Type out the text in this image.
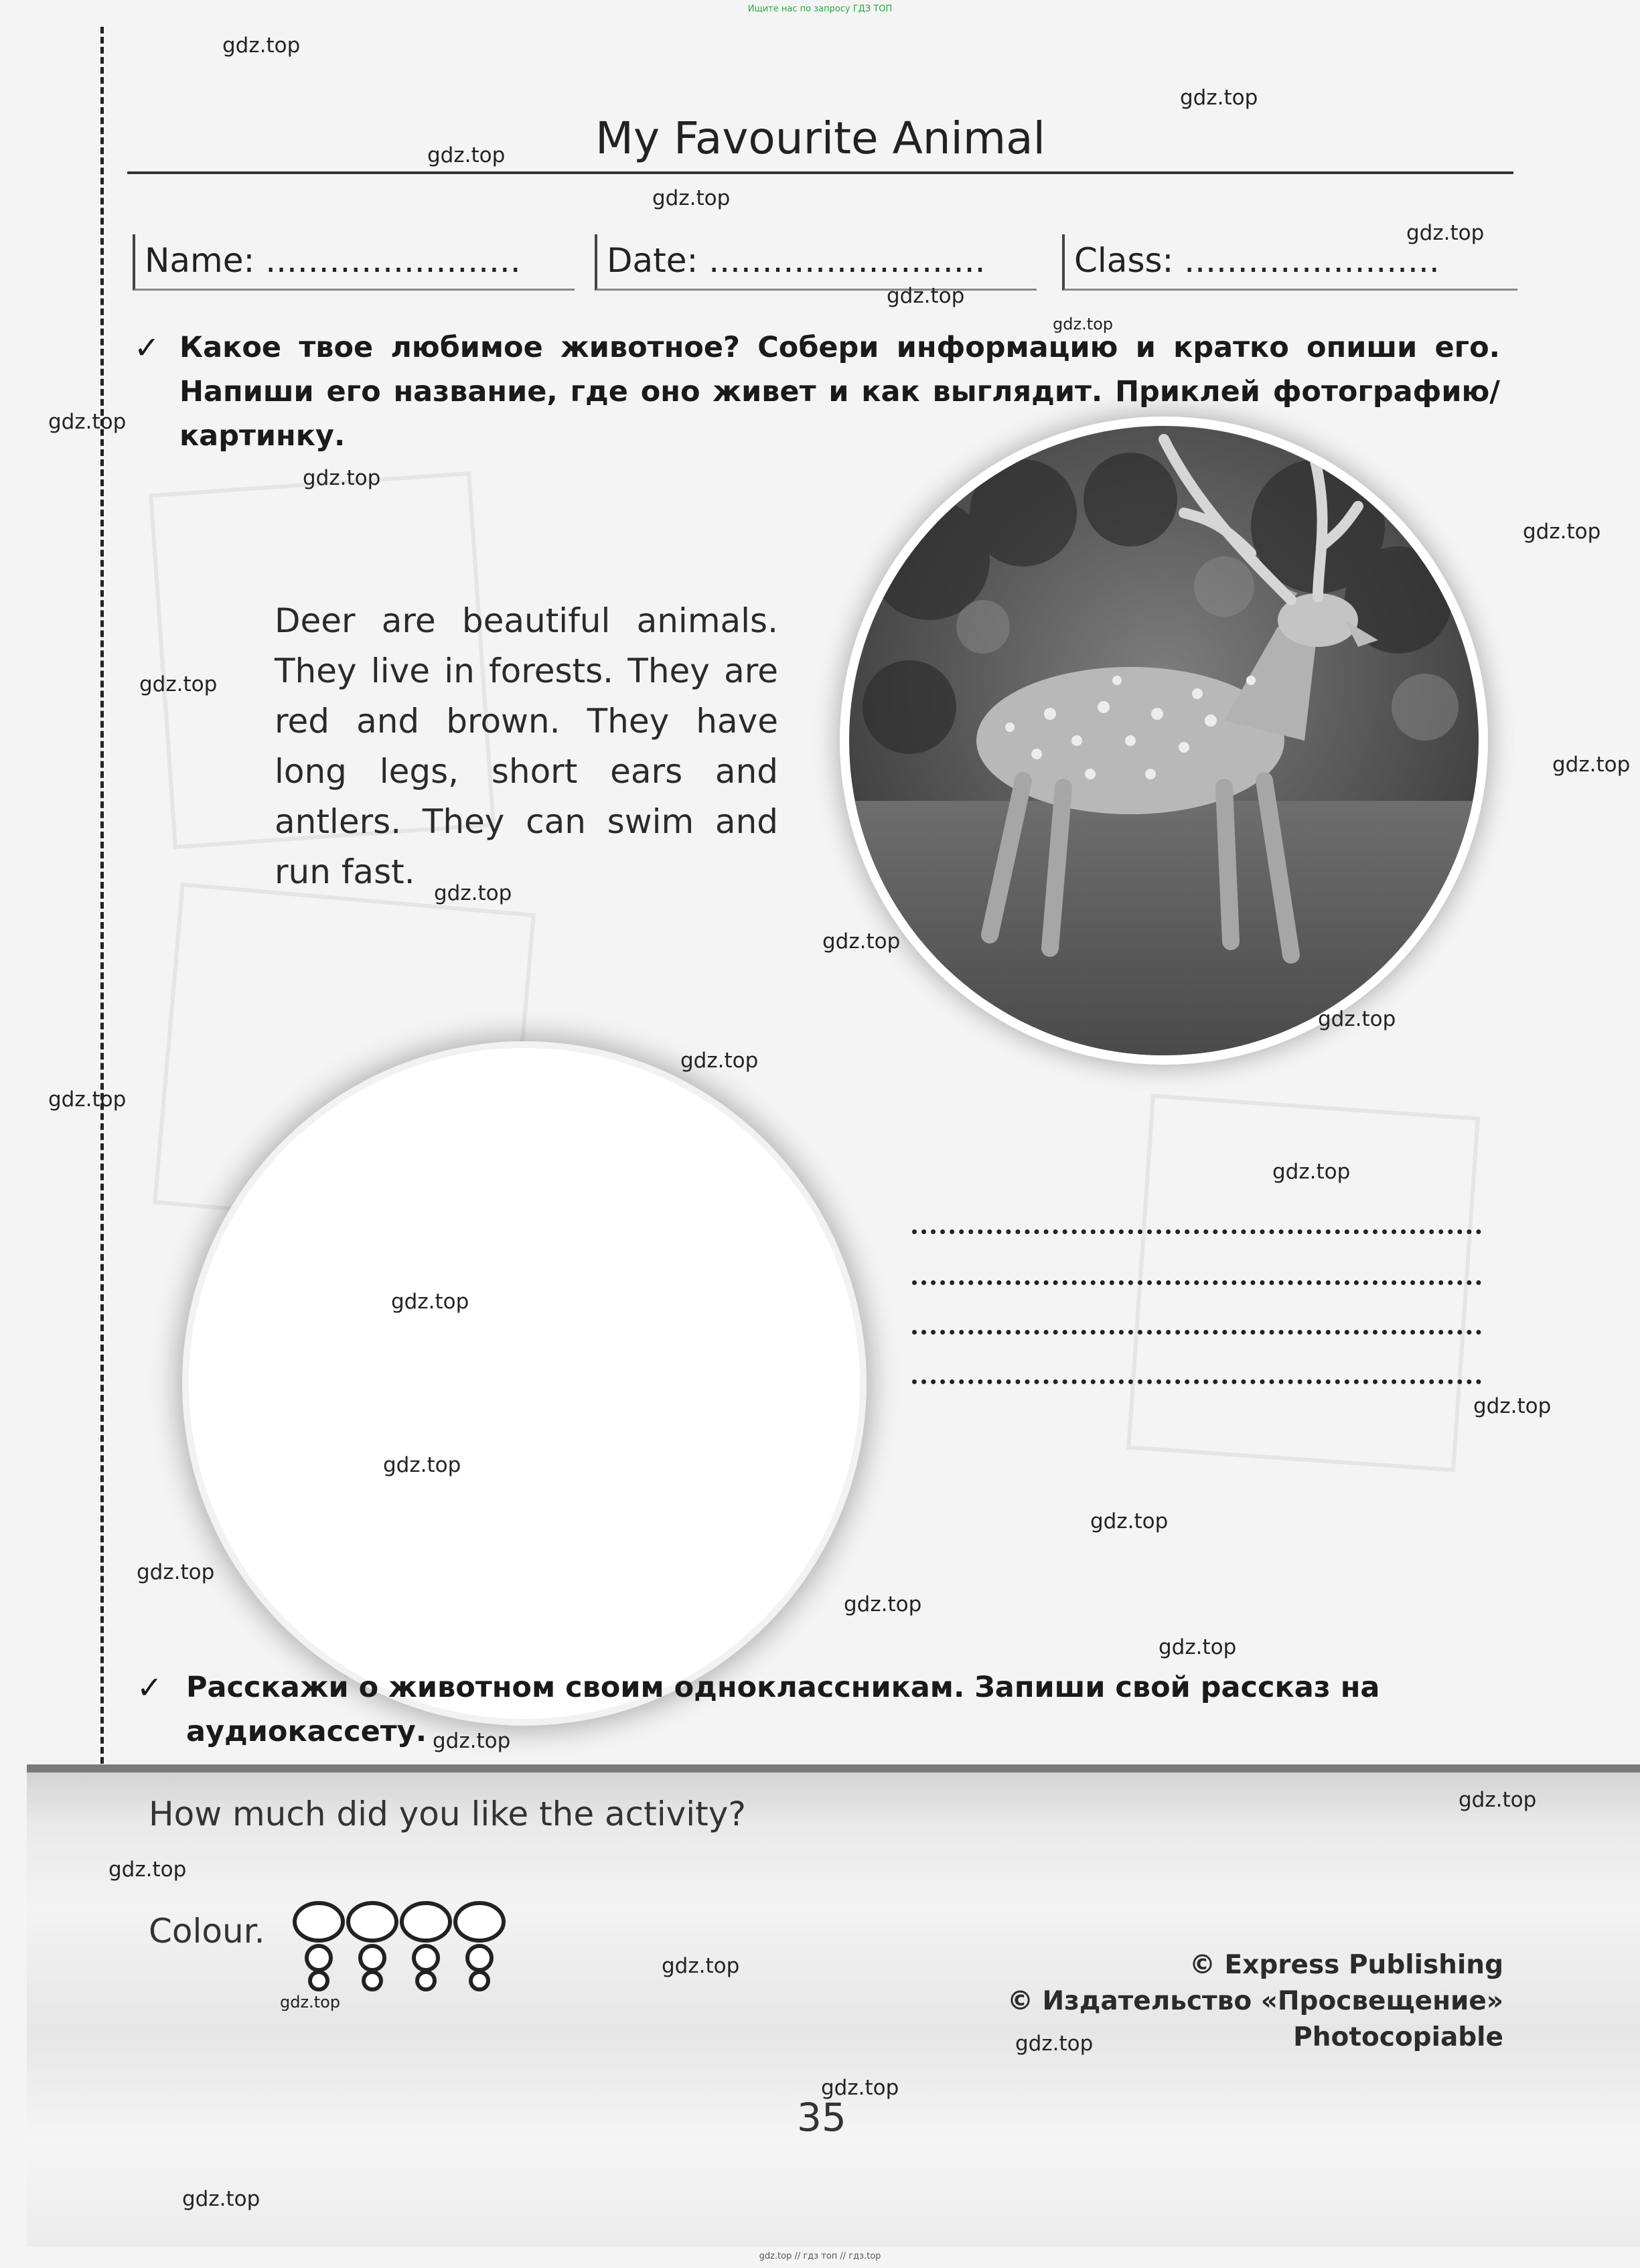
Ищите нас по запросу ГДЗ ТОП
My Favourite Animal
Name: ........................	Date: ..........................	Class: ........................
✓ Какое твое любимое животное? Собери информацию и кратко опиши его. Напиши его название, где оно живет и как выглядит. Приклей фотографию/картинку.
Deer are beautiful animals. They live in forests. They are red and brown. They have long legs, short ears and antlers. They can swim and run fast.
✓ Расскажи о животном своим одноклассникам. Запиши свой рассказ на аудиокассету.
How much did you like the activity?
Colour.
© Express Publishing
© Издательство «Просвещение»
Photocopiable
35
gdz.top
gdz.top
gdz.top
gdz.top
gdz.top
gdz.top
gdz.top
gdz.top
gdz.top
gdz.top
gdz.top
gdz.top
gdz.top
gdz.top
gdz.top
gdz.top
gdz.top
gdz.top
gdz.top
gdz.top
gdz.top
gdz.top
gdz.top
gdz.top
gdz.top
gdz.top
gdz.top
gdz.top
gdz.top
gdz.top
gdz.top
gdz.top
gdz.top
gdz.top // гдз топ // гдз.top
